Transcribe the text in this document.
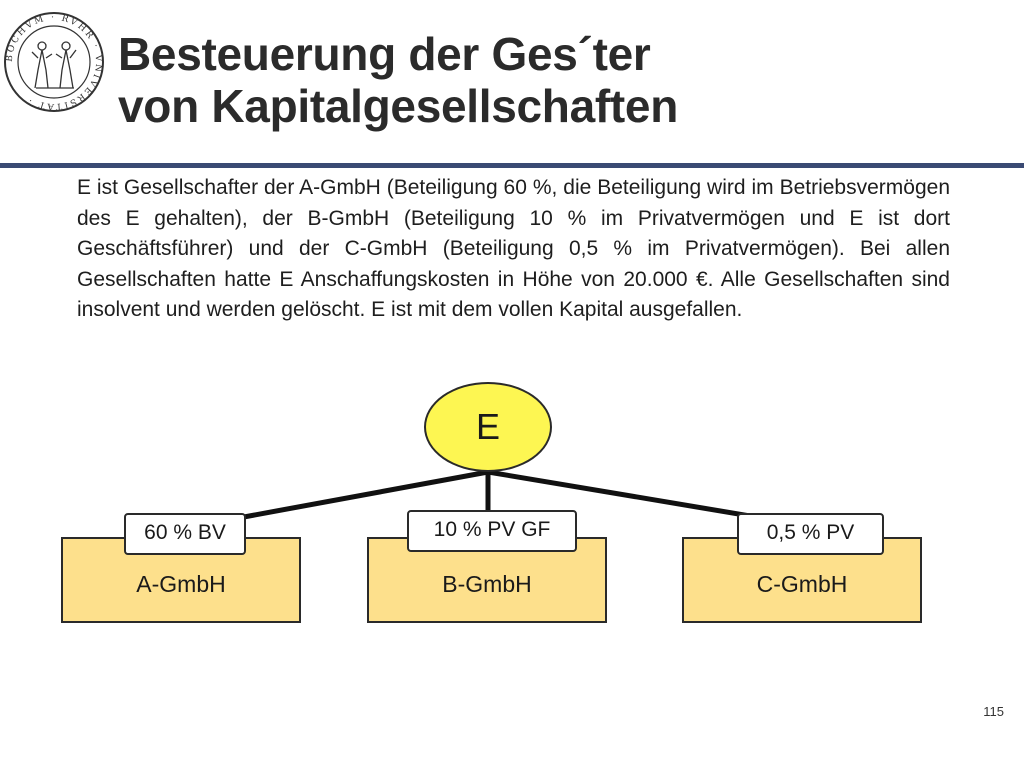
BOCHVM · RVHR · VNIVERSITAT ·
Besteuerung der Ges´ter
von Kapitalgesellschaften

E ist Gesellschafter der A-GmbH (Beteiligung 60 %, die Beteiligung wird im Betriebsvermögen des E gehalten), der B-GmbH (Beteiligung 10 % im Privatvermögen und E ist dort Geschäftsführer) und der C-GmbH (Beteiligung 0,5 % im Privatvermögen). Bei allen Gesellschaften hatte E Anschaffungskosten in Höhe von 20.000 €. Alle Gesellschaften sind insolvent und werden gelöscht. E ist mit dem vollen Kapital ausgefallen.

E
A-GmbH	B-GmbH	C-GmbH
60 % BV	10 % PV GF	0,5 % PV
115
